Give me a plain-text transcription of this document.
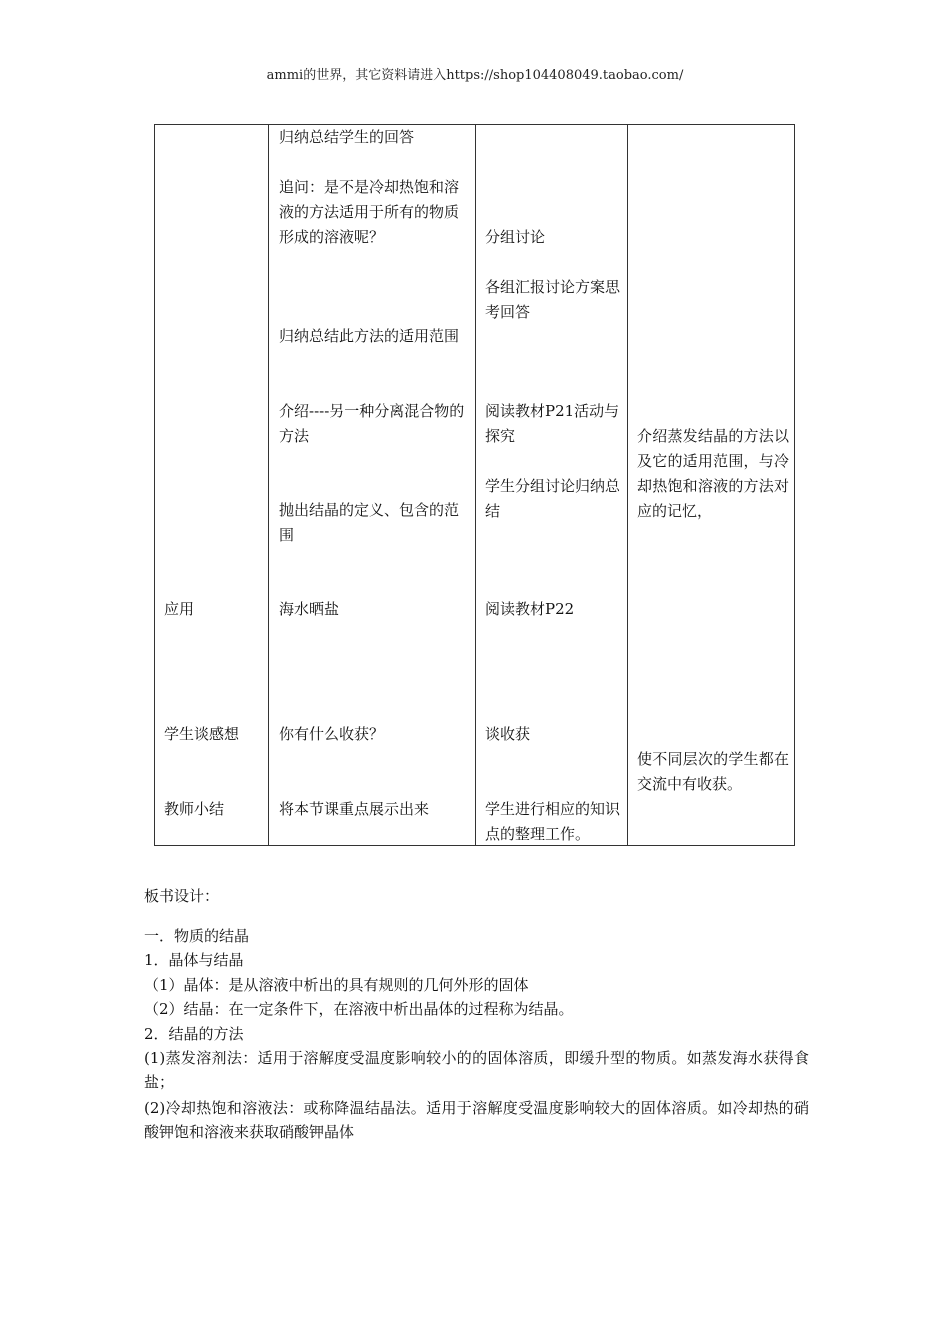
ammi的世界，其它资料请进入https://shop104408049.taobao.com/
应用
学生谈感想
教师小结
归纳总结学生的回答
追问：是不是冷却热饱和溶液的方法适用于所有的物质形成的溶液呢？
归纳总结此方法的适用范围
介绍----另一种分离混合物的方法
抛出结晶的定义、包含的范围
海水晒盐
你有什么收获？
将本节课重点展示出来
分组讨论
各组汇报讨论方案思考回答
阅读教材P21活动与探究
学生分组讨论归纳总结
阅读教材P22
谈收获
学生进行相应的知识点的整理工作。
介绍蒸发结晶的方法以及它的适用范围，与冷却热饱和溶液的方法对应的记忆，
使不同层次的学生都在交流中有收获。
板书设计：
一．物质的结晶
1．晶体与结晶
（1）晶体：是从溶液中析出的具有规则的几何外形的固体
（2）结晶：在一定条件下，在溶液中析出晶体的过程称为结晶。
2．结晶的方法
(1)蒸发溶剂法：适用于溶解度受温度影响较小的的固体溶质，即缓升型的物质。如蒸发海水获得食盐；
(2)冷却热饱和溶液法：或称降温结晶法。适用于溶解度受温度影响较大的固体溶质。如冷却热的硝酸钾饱和溶液来获取硝酸钾晶体
